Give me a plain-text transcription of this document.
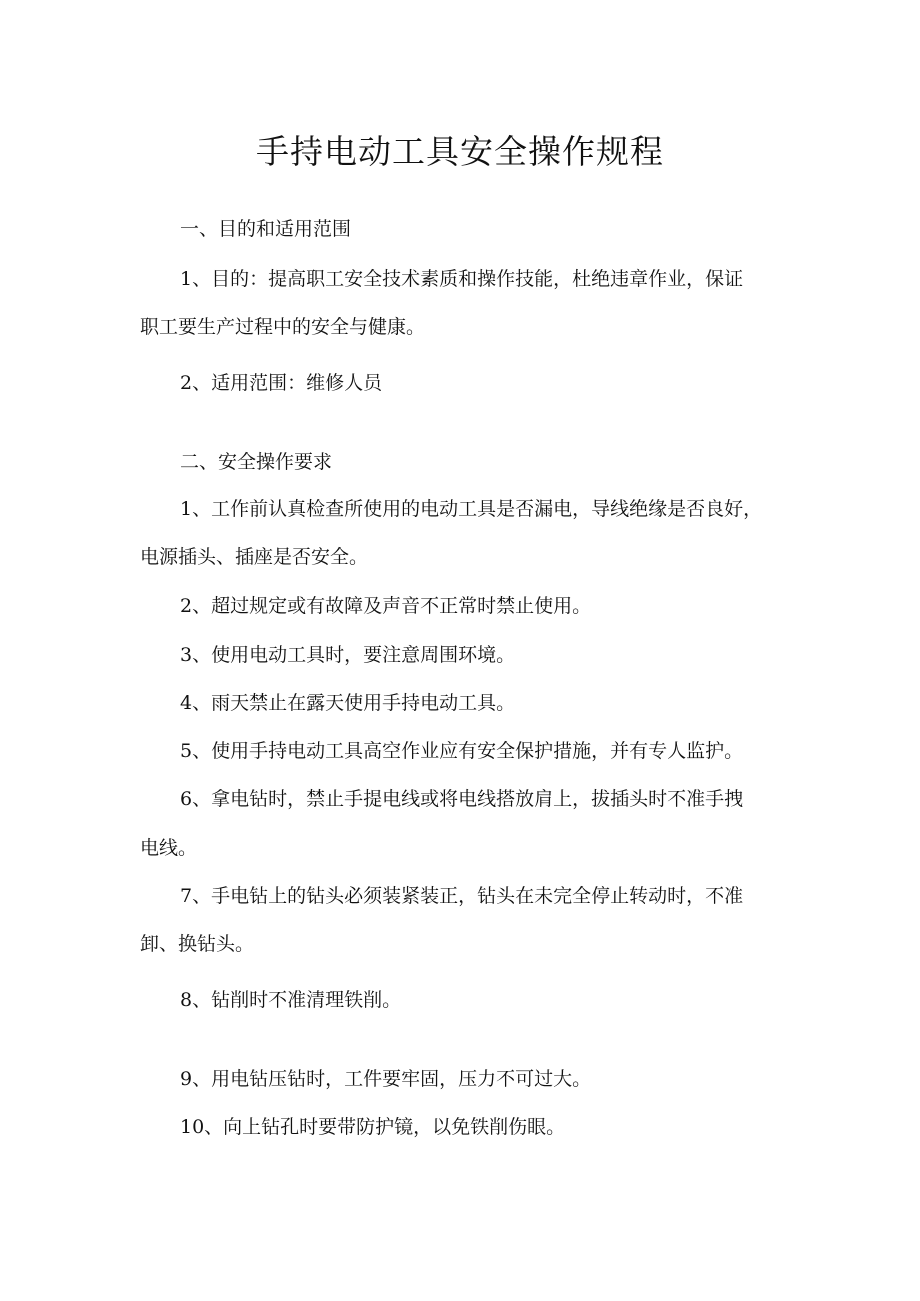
手持电动工具安全操作规程

一、目的和适用范围

1、目的：提高职工安全技术素质和操作技能，杜绝违章作业，保证

职工要生产过程中的安全与健康。

2、适用范围：维修人员

二、安全操作要求

1、工作前认真检查所使用的电动工具是否漏电，导线绝缘是否良好，

电源插头、插座是否安全。

2、超过规定或有故障及声音不正常时禁止使用。

3、使用电动工具时，要注意周围环境。

4、雨天禁止在露天使用手持电动工具。

5、使用手持电动工具高空作业应有安全保护措施，并有专人监护。

6、拿电钻时，禁止手提电线或将电线搭放肩上，拔插头时不准手拽

电线。

7、手电钻上的钻头必须装紧装正，钻头在未完全停止转动时，不准

卸、换钻头。

8、钻削时不准清理铁削。

9、用电钻压钻时，工件要牢固，压力不可过大。

10、向上钻孔时要带防护镜，以免铁削伤眼。
